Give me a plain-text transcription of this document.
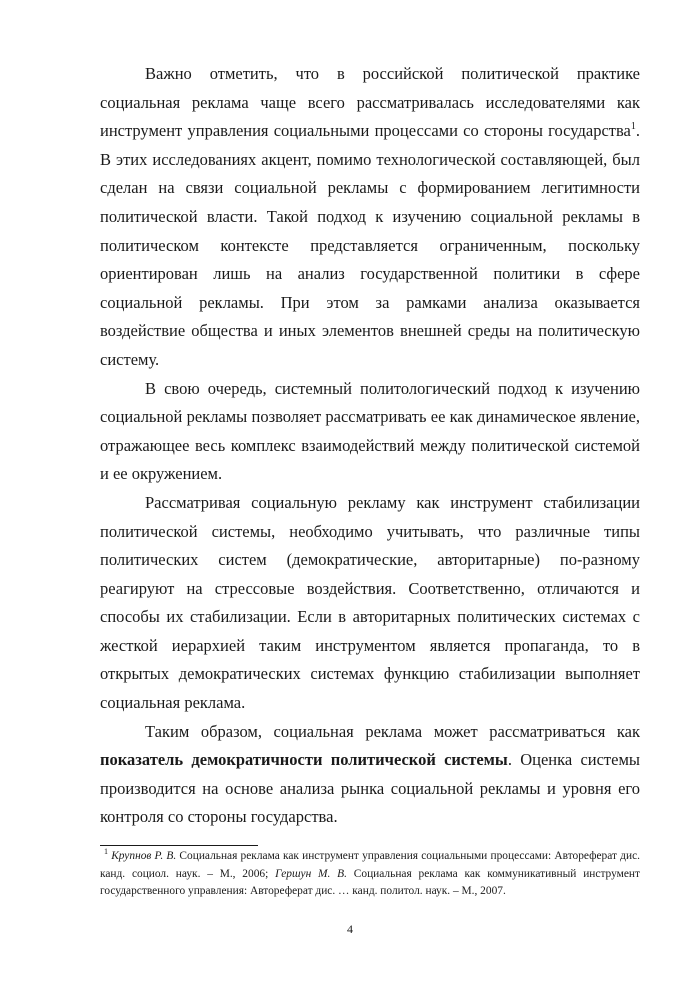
Важно отметить, что в российской политической практике социальная реклама чаще всего рассматривалась исследователями как инструмент управления социальными процессами со стороны государства$^1$. В этих исследованиях акцент, помимо технологической составляющей, был сделан на связи социальной рекламы с формированием легитимности политической власти. Такой подход к изучению социальной рекламы в политическом контексте представляется ограниченным, поскольку ориентирован лишь на анализ государственной политики в сфере социальной рекламы. При этом за рамками анализа оказывается воздействие общества и иных элементов внешней среды на политическую систему.

В свою очередь, системный политологический подход к изучению социальной рекламы позволяет рассматривать ее как динамическое явление, отражающее весь комплекс взаимодействий между политической системой и ее окружением.

Рассматривая социальную рекламу как инструмент стабилизации политической системы, необходимо учитывать, что различные типы политических систем (демократические, авторитарные) по-разному реагируют на стрессовые воздействия. Соответственно, отличаются и способы их стабилизации. Если в авторитарных политических системах с жесткой иерархией таким инструментом является пропаганда, то в открытых демократических системах функцию стабилизации выполняет социальная реклама.

Таким образом, социальная реклама может рассматриваться как показатель демократичности политической системы. Оценка системы производится на основе анализа рынка социальной рекламы и уровня его контроля со стороны государства.

$^1$ Крупнов Р. В. Социальная реклама как инструмент управления социальными процессами: Автореферат дис. канд. социол. наук. – М., 2006; Гершун М. В. Социальная реклама как коммуникативный инструмент государственного управления: Автореферат дис. … канд. политол. наук. – М., 2007.

4
